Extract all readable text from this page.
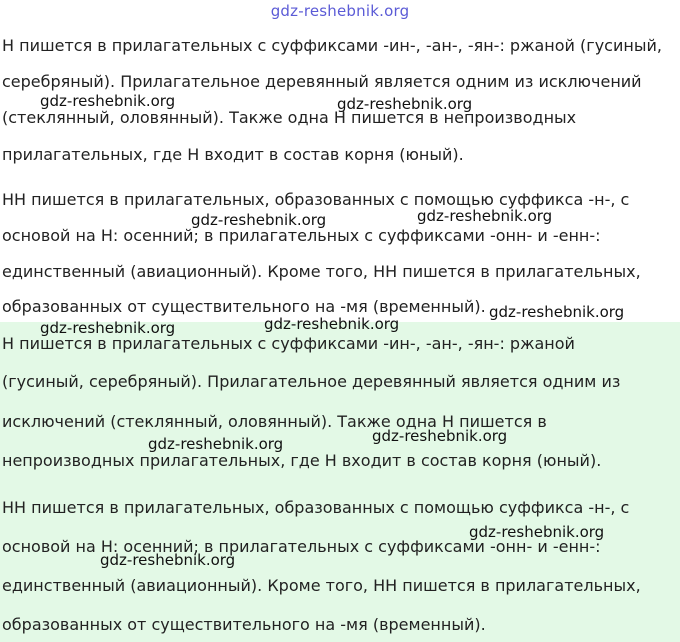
gdz-reshebnik.org
Н пишется в прилагательных с суффиксами -ин-, -ан-, -ян-: ржаной (гусиный,
серебряный). Прилагательное деревянный является одним из исключений
(стеклянный, оловянный). Также одна Н пишется в непроизводных
прилагательных, где Н входит в состав корня (юный).
НН пишется в прилагательных, образованных с помощью суффикса -н-, с
основой на Н: осенний; в прилагательных с суффиксами -онн- и -енн-:
единственный (авиационный). Кроме того, НН пишется в прилагательных,
образованных от существительного на -мя (временный).
Н пишется в прилагательных с суффиксами -ин-, -ан-, -ян-: ржаной
(гусиный, серебряный). Прилагательное деревянный является одним из
исключений (стеклянный, оловянный). Также одна Н пишется в
непроизводных прилагательных, где Н входит в состав корня (юный).
НН пишется в прилагательных, образованных с помощью суффикса -н-, с
основой на Н: осенний; в прилагательных с суффиксами -онн- и -енн-:
единственный (авиационный). Кроме того, НН пишется в прилагательных,
образованных от существительного на -мя (временный).
gdz-reshebnik.org	gdz-reshebnik.org
gdz-reshebnik.org	gdz-reshebnik.org
gdz-reshebnik.org
gdz-reshebnik.org	gdz-reshebnik.org
gdz-reshebnik.org	gdz-reshebnik.org
gdz-reshebnik.org
gdz-reshebnik.org
